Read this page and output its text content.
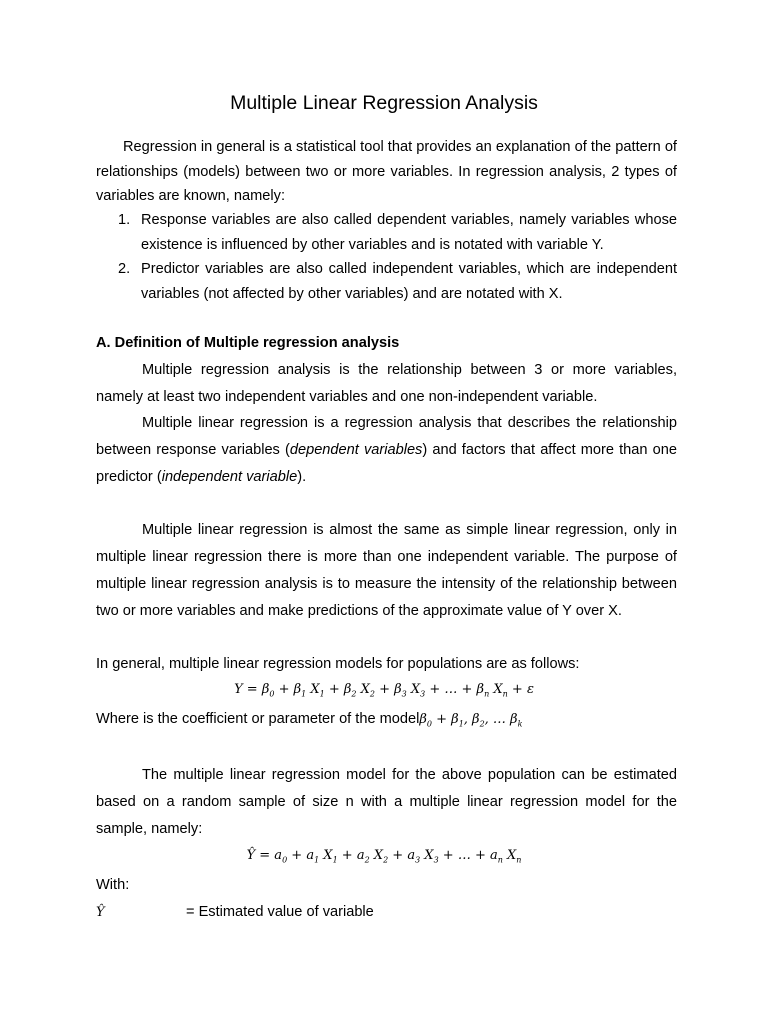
Multiple Linear Regression Analysis

Regression in general is a statistical tool that provides an explanation of the pattern of relationships (models) between two or more variables. In regression analysis, 2 types of variables are known, namely:

1. Response variables are also called dependent variables, namely variables whose existence is influenced by other variables and is notated with variable Y.
2. Predictor variables are also called independent variables, which are independent variables (not affected by other variables) and are notated with X.
A. Definition of Multiple regression analysis

Multiple regression analysis is the relationship between 3 or more variables, namely at least two independent variables and one non-independent variable.

Multiple linear regression is a regression analysis that describes the relationship between response variables (dependent variables) and factors that affect more than one predictor (independent variable).

Multiple linear regression is almost the same as simple linear regression, only in multiple linear regression there is more than one independent variable. The purpose of multiple linear regression analysis is to measure the intensity of the relationship between two or more variables and make predictions of the approximate value of Y over X.

In general, multiple linear regression models for populations are as follows:
$Y = \beta_0 + \beta_1$ $X_1 + \beta_2$ $X_2 + \beta_3$ $X_3$ + … + $\beta_n$ $X_n + \varepsilon$
Where is the coefficient or parameter of the modelβ$_0$ + $\beta_1$, $\beta_2$, … $\beta_k$

The multiple linear regression model for the above population can be estimated based on a random sample of size n with a multiple linear regression model for the sample, namely:

Ŷ = $a_0 + a_1$ $X_1 + a_2$ $X_2 + a_3$ $X_3$ + … + $a_n$ $X_n$
With:
Ŷ	= Estimated value of variable
